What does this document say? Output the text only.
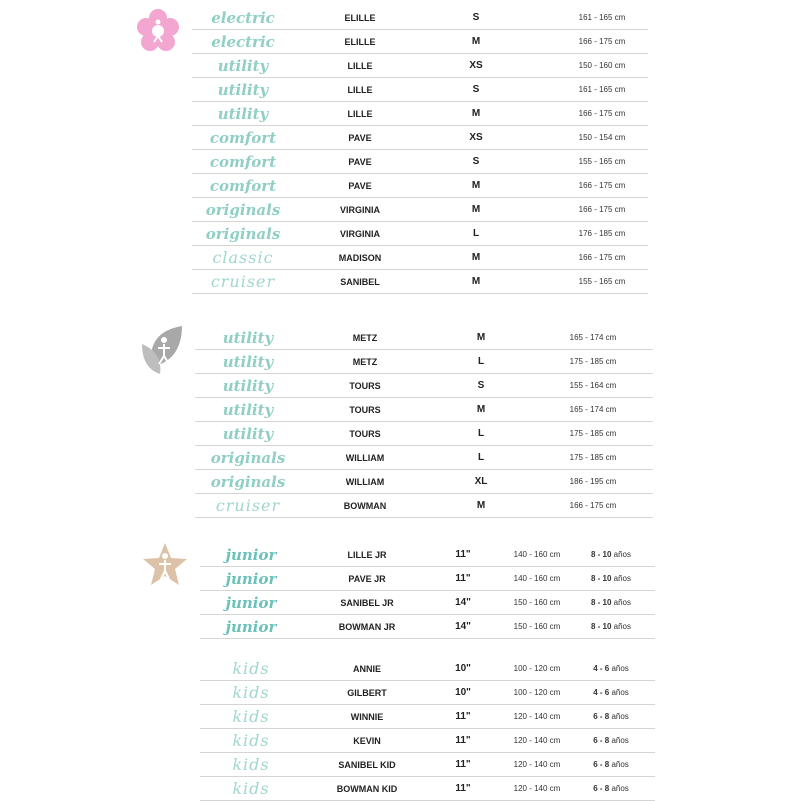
electric	ELILLE	S	161 - 165 cm
electric	ELILLE	M	166 - 175 cm
utility	LILLE	XS	150 - 160 cm
utility	LILLE	S	161 - 165 cm
utility	LILLE	M	166 - 175 cm
comfort	PAVE	XS	150 - 154 cm
comfort	PAVE	S	155 - 165 cm
comfort	PAVE	M	166 - 175 cm
originals	VIRGINIA	M	166 - 175 cm
originals	VIRGINIA	L	176 - 185 cm
classic	MADISON	M	166 - 175 cm
cruiser	SANIBEL	M	155 - 165 cm
utility	METZ	M	165 - 174 cm
utility	METZ	L	175 - 185 cm
utility	TOURS	S	155 - 164 cm
utility	TOURS	M	165 - 174 cm
utility	TOURS	L	175 - 185 cm
originals	WILLIAM	L	175 - 185 cm
originals	WILLIAM	XL	186 - 195 cm
cruiser	BOWMAN	M	166 - 175 cm
junior	LILLE JR	11"	140 - 160 cm	8 - 10 años
junior	PAVE JR	11"	140 - 160 cm	8 - 10 años
junior	SANIBEL JR	14"	150 - 160 cm	8 - 10 años
junior	BOWMAN JR	14"	150 - 160 cm	8 - 10 años
kids	ANNIE	10"	100 - 120 cm	4 - 6 años
kids	GILBERT	10"	100 - 120 cm	4 - 6 años
kids	WINNIE	11"	120 - 140 cm	6 - 8 años
kids	KEVIN	11"	120 - 140 cm	6 - 8 años
kids	SANIBEL KID	11"	120 - 140 cm	6 - 8 años
kids	BOWMAN KID	11"	120 - 140 cm	6 - 8 años
